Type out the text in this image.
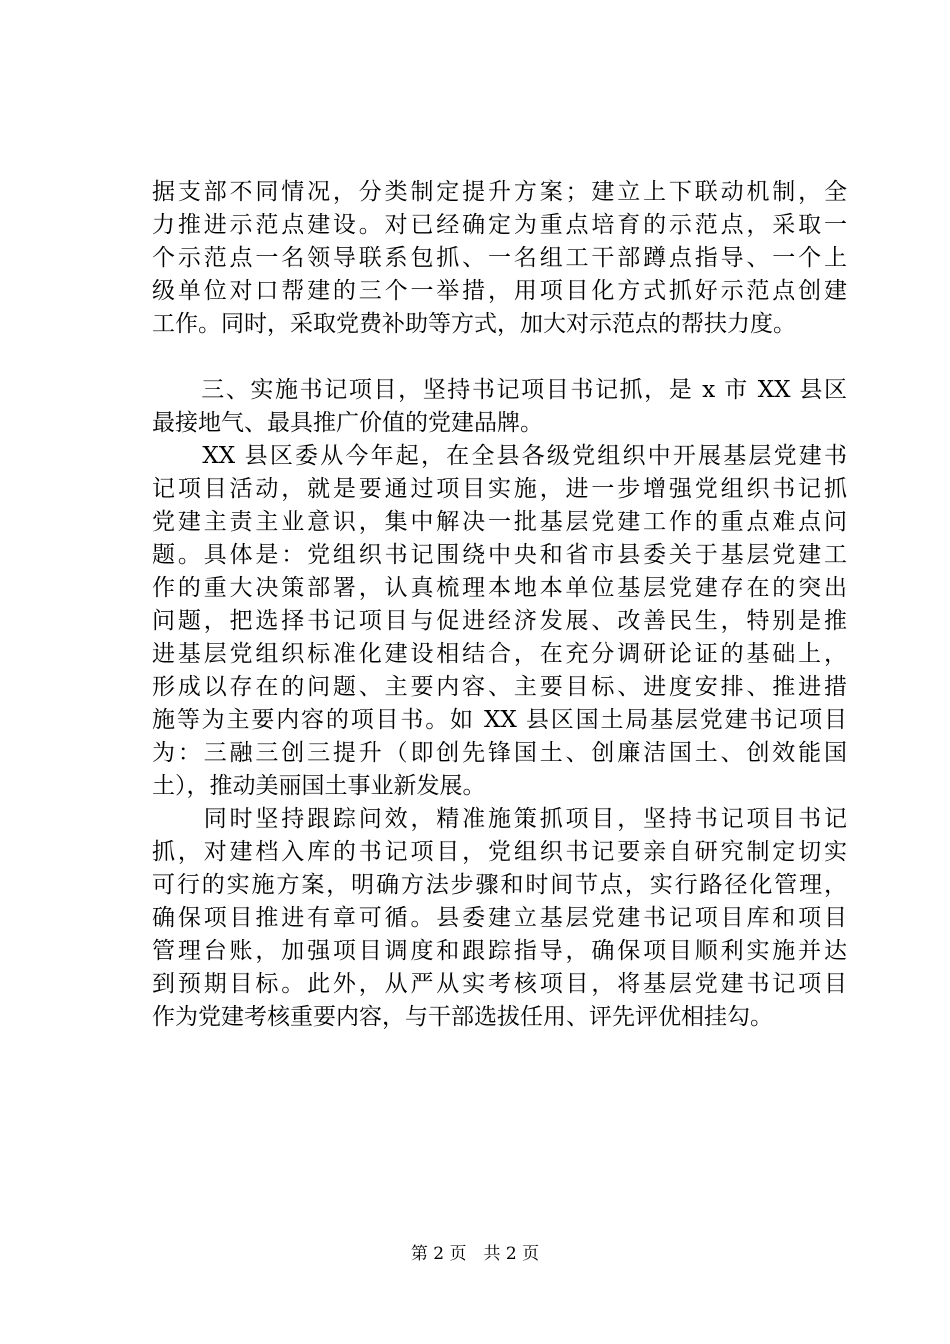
据支部不同情况，分类制定提升方案；建立上下联动机制，全
力推进示范点建设。对已经确定为重点培育的示范点，采取一
个示范点一名领导联系包抓、一名组工干部蹲点指导、一个上
级单位对口帮建的三个一举措，用项目化方式抓好示范点创建
工作。同时，采取党费补助等方式，加大对示范点的帮扶力度。
　　三、实施书记项目，坚持书记项目书记抓，是 x 市 XX 县区
最接地气、最具推广价值的党建品牌。
　　XX 县区委从今年起，在全县各级党组织中开展基层党建书
记项目活动，就是要通过项目实施，进一步增强党组织书记抓
党建主责主业意识，集中解决一批基层党建工作的重点难点问
题。具体是：党组织书记围绕中央和省市县委关于基层党建工
作的重大决策部署，认真梳理本地本单位基层党建存在的突出
问题，把选择书记项目与促进经济发展、改善民生，特别是推
进基层党组织标准化建设相结合，在充分调研论证的基础上，
形成以存在的问题、主要内容、主要目标、进度安排、推进措
施等为主要内容的项目书。如 XX 县区国土局基层党建书记项目
为：三融三创三提升（即创先锋国土、创廉洁国土、创效能国
土），推动美丽国土事业新发展。
　　同时坚持跟踪问效，精准施策抓项目，坚持书记项目书记
抓，对建档入库的书记项目，党组织书记要亲自研究制定切实
可行的实施方案，明确方法步骤和时间节点，实行路径化管理，
确保项目推进有章可循。县委建立基层党建书记项目库和项目
管理台账，加强项目调度和跟踪指导，确保项目顺利实施并达
到预期目标。此外，从严从实考核项目，将基层党建书记项目
作为党建考核重要内容，与干部选拔任用、评先评优相挂勾。
第 2 页　共 2 页
